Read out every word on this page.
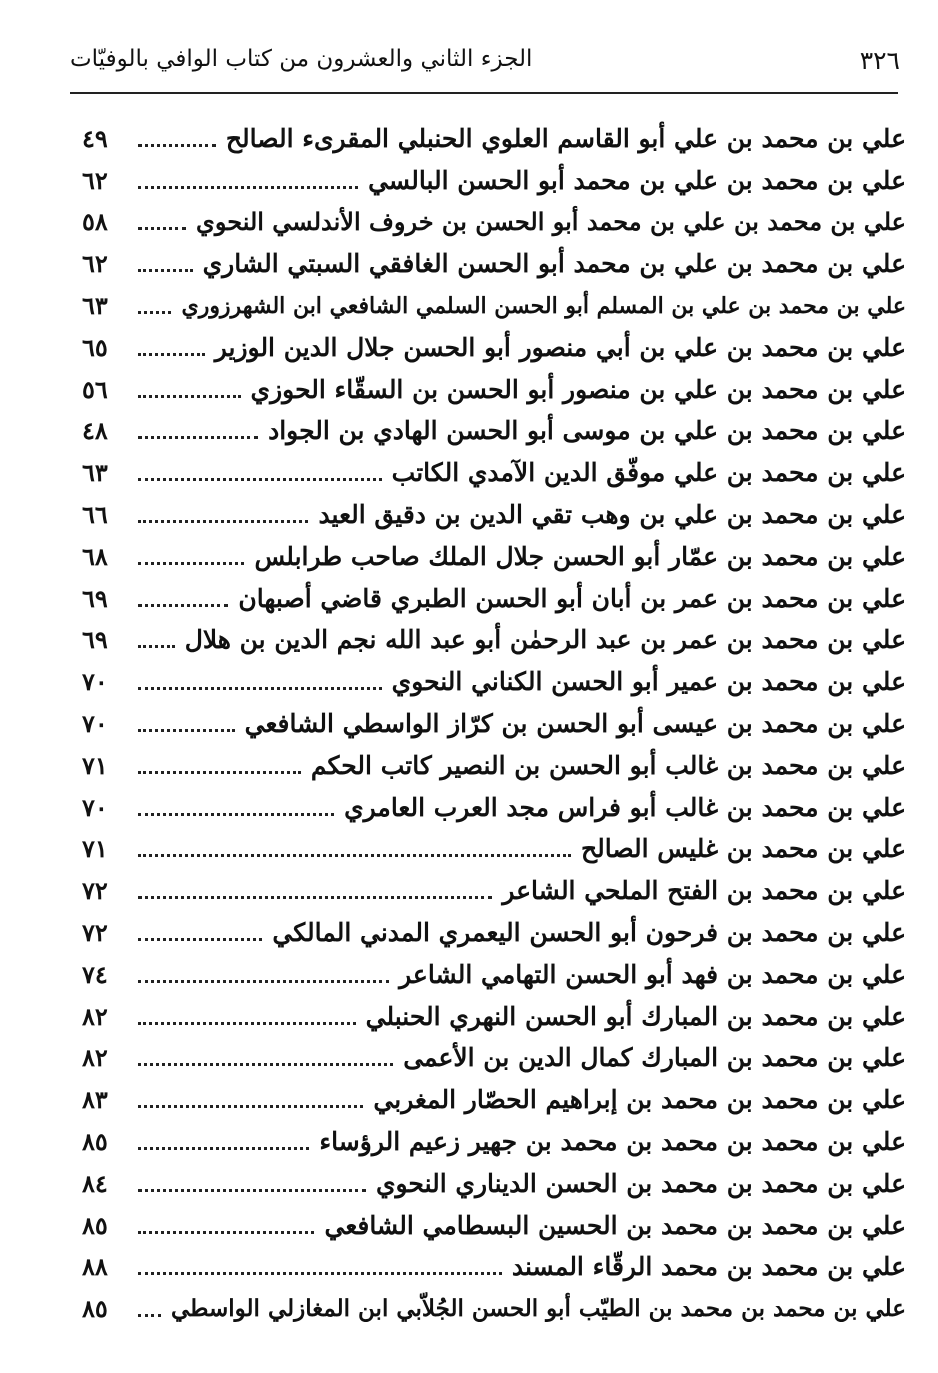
٣٢٦
الجزء الثاني والعشرون من كتاب الوافي بالوفيّات
علي بن محمد بن علي أبو القاسم العلوي الحنبلي المقرىء الصالح
٤٩
علي بن محمد بن علي بن محمد أبو الحسن البالسي
٦٢
علي بن محمد بن علي بن محمد أبو الحسن بن خروف الأندلسي النحوي
٥٨
علي بن محمد بن علي بن محمد أبو الحسن الغافقي السبتي الشاري
٦٢
علي بن محمد بن علي بن المسلم أبو الحسن السلمي الشافعي ابن الشهرزوري
٦٣
علي بن محمد بن علي بن أبي منصور أبو الحسن جلال الدين الوزير
٦٥
علي بن محمد بن علي بن منصور أبو الحسن بن السقّاء الحوزي
٥٦
علي بن محمد بن علي بن موسى أبو الحسن الهادي بن الجواد
٤٨
علي بن محمد بن علي موفّق الدين الآمدي الكاتب
٦٣
علي بن محمد بن علي بن وهب تقي الدين بن دقيق العيد
٦٦
علي بن محمد بن عمّار أبو الحسن جلال الملك صاحب طرابلس
٦٨
علي بن محمد بن عمر بن أبان أبو الحسن الطبري قاضي أصبهان
٦٩
علي بن محمد بن عمر بن عبد الرحمٰن أبو عبد الله نجم الدين بن هلال
٦٩
علي بن محمد بن عمير أبو الحسن الكناني النحوي
٧٠
علي بن محمد بن عيسى أبو الحسن بن كرّاز الواسطي الشافعي
٧٠
علي بن محمد بن غالب أبو الحسن بن النصير كاتب الحكم
٧١
علي بن محمد بن غالب أبو فراس مجد العرب العامري
٧٠
علي بن محمد بن غليس الصالح
٧١
علي بن محمد بن الفتح الملحي الشاعر
٧٢
علي بن محمد بن فرحون أبو الحسن اليعمري المدني المالكي
٧٢
علي بن محمد بن فهد أبو الحسن التهامي الشاعر
٧٤
علي بن محمد بن المبارك أبو الحسن النهري الحنبلي
٨٢
علي بن محمد بن المبارك كمال الدين بن الأعمى
٨٢
علي بن محمد بن محمد بن إبراهيم الحصّار المغربي
٨٣
علي بن محمد بن محمد بن محمد بن جهير زعيم الرؤساء
٨٥
علي بن محمد بن محمد بن الحسن الديناري النحوي
٨٤
علي بن محمد بن محمد بن الحسين البسطامي الشافعي
٨٥
علي بن محمد بن محمد الرقّاء المسند
٨٨
علي بن محمد بن محمد بن الطيّب أبو الحسن الجُلاّبي ابن المغازلي الواسطي
٨٥
